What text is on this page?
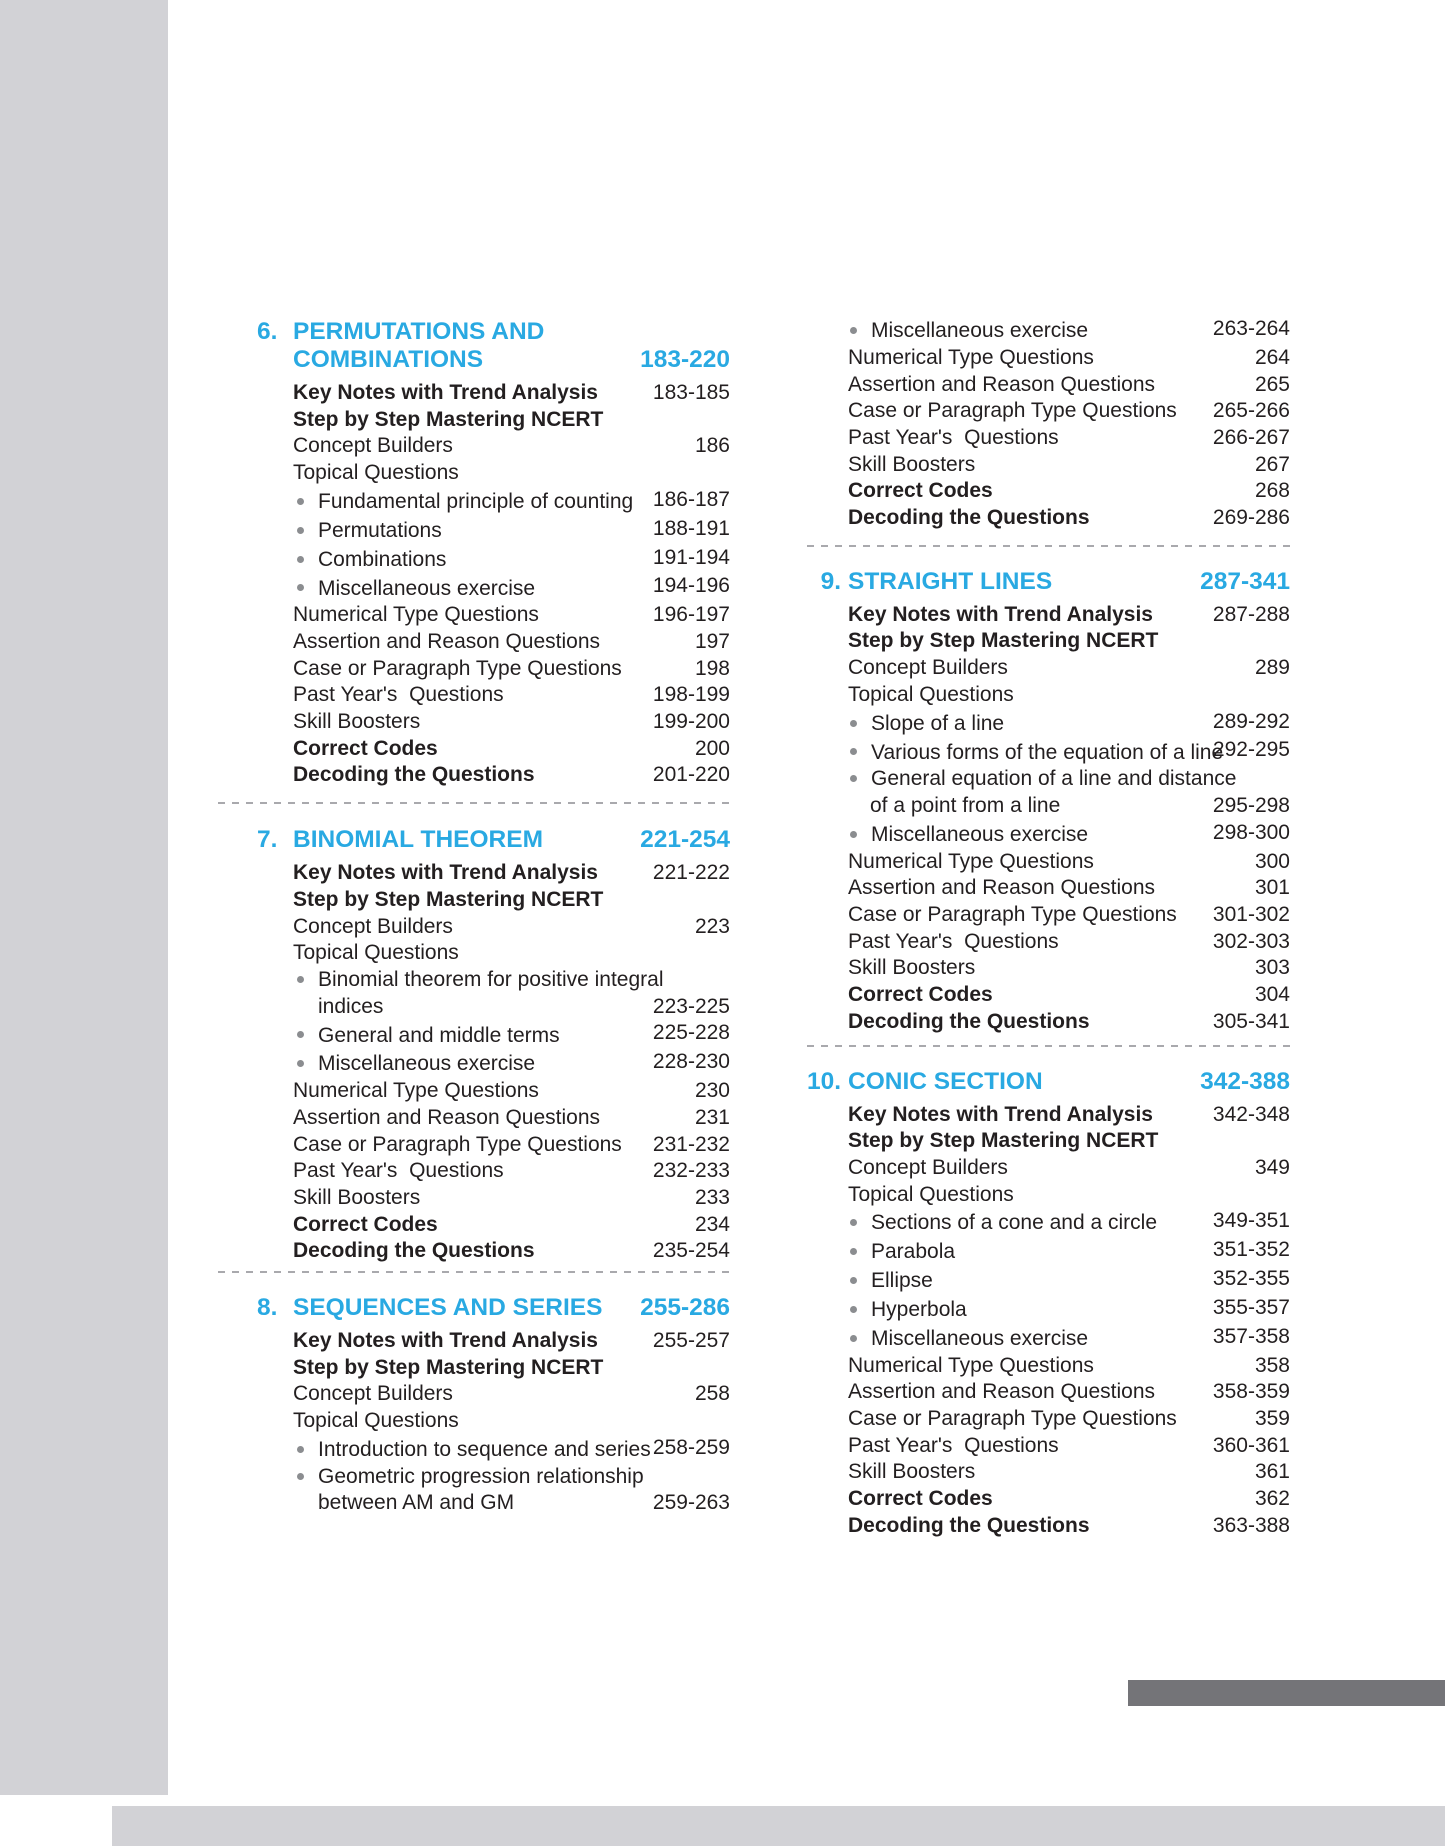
6. PERMUTATIONS AND
COMBINATIONS	183-220
Key Notes with Trend Analysis	183-185
Step by Step Mastering NCERT
Concept Builders	186
Topical Questions
Fundamental principle of counting 186-187
Permutations	188-191
Combinations	191-194
Miscellaneous exercise	194-196
Numerical Type Questions	196-197
Assertion and Reason Questions	197
Case or Paragraph Type Questions	198
Past Year's  Questions	198-199
Skill Boosters	199-200
Correct Codes	200
Decoding the Questions	201-220
7. BINOMIAL THEOREM	221-254
Key Notes with Trend Analysis	221-222
Step by Step Mastering NCERT
Concept Builders	223
Topical Questions
Binomial theorem for positive integral
indices	223-225
General and middle terms	225-228
Miscellaneous exercise	228-230
Numerical Type Questions	230
Assertion and Reason Questions	231
Case or Paragraph Type Questions	231-232
Past Year's  Questions	232-233
Skill Boosters	233
Correct Codes	234
Decoding the Questions	235-254
8. SEQUENCES AND SERIES 255-286
Key Notes with Trend Analysis	255-257
Step by Step Mastering NCERT
Concept Builders	258
Topical Questions
Introduction to sequence and series 258-259
Geometric progression relationship
between AM and GM	259-263
Miscellaneous exercise	263-264
Numerical Type Questions	264
Assertion and Reason Questions	265
Case or Paragraph Type Questions	265-266
Past Year's  Questions	266-267
Skill Boosters	267
Correct Codes	268
Decoding the Questions	269-286
9. STRAIGHT LINES	287-341
Key Notes with Trend Analysis	287-288
Step by Step Mastering NCERT
Concept Builders	289
Topical Questions
Slope of a line	289-292
Various forms of the equation of a line
292-295
General equation of a line and distance
of a point from a line	295-298
Miscellaneous exercise	298-300
Numerical Type Questions	300
Assertion and Reason Questions	301
Case or Paragraph Type Questions	301-302
Past Year's  Questions	302-303
Skill Boosters	303
Correct Codes	304
Decoding the Questions	305-341
10. CONIC SECTION	342-388
Key Notes with Trend Analysis	342-348
Step by Step Mastering NCERT
Concept Builders	349
Topical Questions
Sections of a cone and a circle	349-351
Parabola	351-352
Ellipse	352-355
Hyperbola	355-357
Miscellaneous exercise	357-358
Numerical Type Questions	358
Assertion and Reason Questions	358-359
Case or Paragraph Type Questions	359
Past Year's  Questions	360-361
Skill Boosters	361
Correct Codes	362
Decoding the Questions	363-388
